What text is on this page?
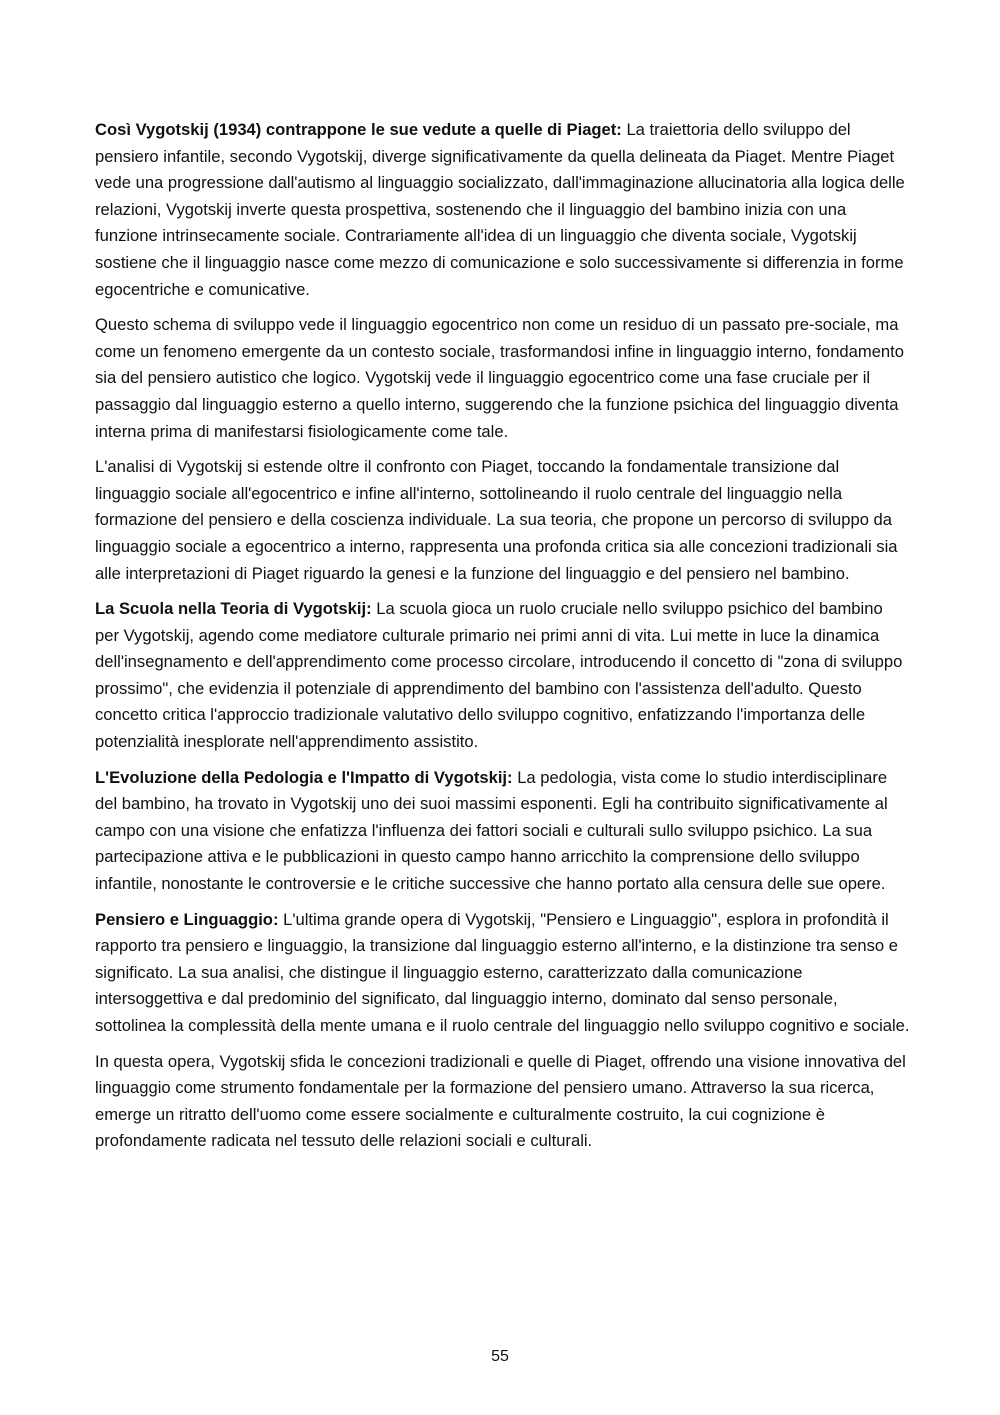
Così Vygotskij (1934) contrappone le sue vedute a quelle di Piaget: La traiettoria dello sviluppo del pensiero infantile, secondo Vygotskij, diverge significativamente da quella delineata da Piaget. Mentre Piaget vede una progressione dall'autismo al linguaggio socializzato, dall'immaginazione allucinatoria alla logica delle relazioni, Vygotskij inverte questa prospettiva, sostenendo che il linguaggio del bambino inizia con una funzione intrinsecamente sociale. Contrariamente all'idea di un linguaggio che diventa sociale, Vygotskij sostiene che il linguaggio nasce come mezzo di comunicazione e solo successivamente si differenzia in forme egocentriche e comunicative.

Questo schema di sviluppo vede il linguaggio egocentrico non come un residuo di un passato pre-sociale, ma come un fenomeno emergente da un contesto sociale, trasformandosi infine in linguaggio interno, fondamento sia del pensiero autistico che logico. Vygotskij vede il linguaggio egocentrico come una fase cruciale per il passaggio dal linguaggio esterno a quello interno, suggerendo che la funzione psichica del linguaggio diventa interna prima di manifestarsi fisiologicamente come tale.

L'analisi di Vygotskij si estende oltre il confronto con Piaget, toccando la fondamentale transizione dal linguaggio sociale all'egocentrico e infine all'interno, sottolineando il ruolo centrale del linguaggio nella formazione del pensiero e della coscienza individuale. La sua teoria, che propone un percorso di sviluppo da linguaggio sociale a egocentrico a interno, rappresenta una profonda critica sia alle concezioni tradizionali sia alle interpretazioni di Piaget riguardo la genesi e la funzione del linguaggio e del pensiero nel bambino.

La Scuola nella Teoria di Vygotskij: La scuola gioca un ruolo cruciale nello sviluppo psichico del bambino per Vygotskij, agendo come mediatore culturale primario nei primi anni di vita. Lui mette in luce la dinamica dell'insegnamento e dell'apprendimento come processo circolare, introducendo il concetto di "zona di sviluppo prossimo", che evidenzia il potenziale di apprendimento del bambino con l'assistenza dell'adulto. Questo concetto critica l'approccio tradizionale valutativo dello sviluppo cognitivo, enfatizzando l'importanza delle potenzialità inesplorate nell'apprendimento assistito.

L'Evoluzione della Pedologia e l'Impatto di Vygotskij: La pedologia, vista come lo studio interdisciplinare del bambino, ha trovato in Vygotskij uno dei suoi massimi esponenti. Egli ha contribuito significativamente al campo con una visione che enfatizza l'influenza dei fattori sociali e culturali sullo sviluppo psichico. La sua partecipazione attiva e le pubblicazioni in questo campo hanno arricchito la comprensione dello sviluppo infantile, nonostante le controversie e le critiche successive che hanno portato alla censura delle sue opere.

Pensiero e Linguaggio: L'ultima grande opera di Vygotskij, "Pensiero e Linguaggio", esplora in profondità il rapporto tra pensiero e linguaggio, la transizione dal linguaggio esterno all'interno, e la distinzione tra senso e significato. La sua analisi, che distingue il linguaggio esterno, caratterizzato dalla comunicazione intersoggettiva e dal predominio del significato, dal linguaggio interno, dominato dal senso personale, sottolinea la complessità della mente umana e il ruolo centrale del linguaggio nello sviluppo cognitivo e sociale.

In questa opera, Vygotskij sfida le concezioni tradizionali e quelle di Piaget, offrendo una visione innovativa del linguaggio come strumento fondamentale per la formazione del pensiero umano. Attraverso la sua ricerca, emerge un ritratto dell'uomo come essere socialmente e culturalmente costruito, la cui cognizione è profondamente radicata nel tessuto delle relazioni sociali e culturali.

55
